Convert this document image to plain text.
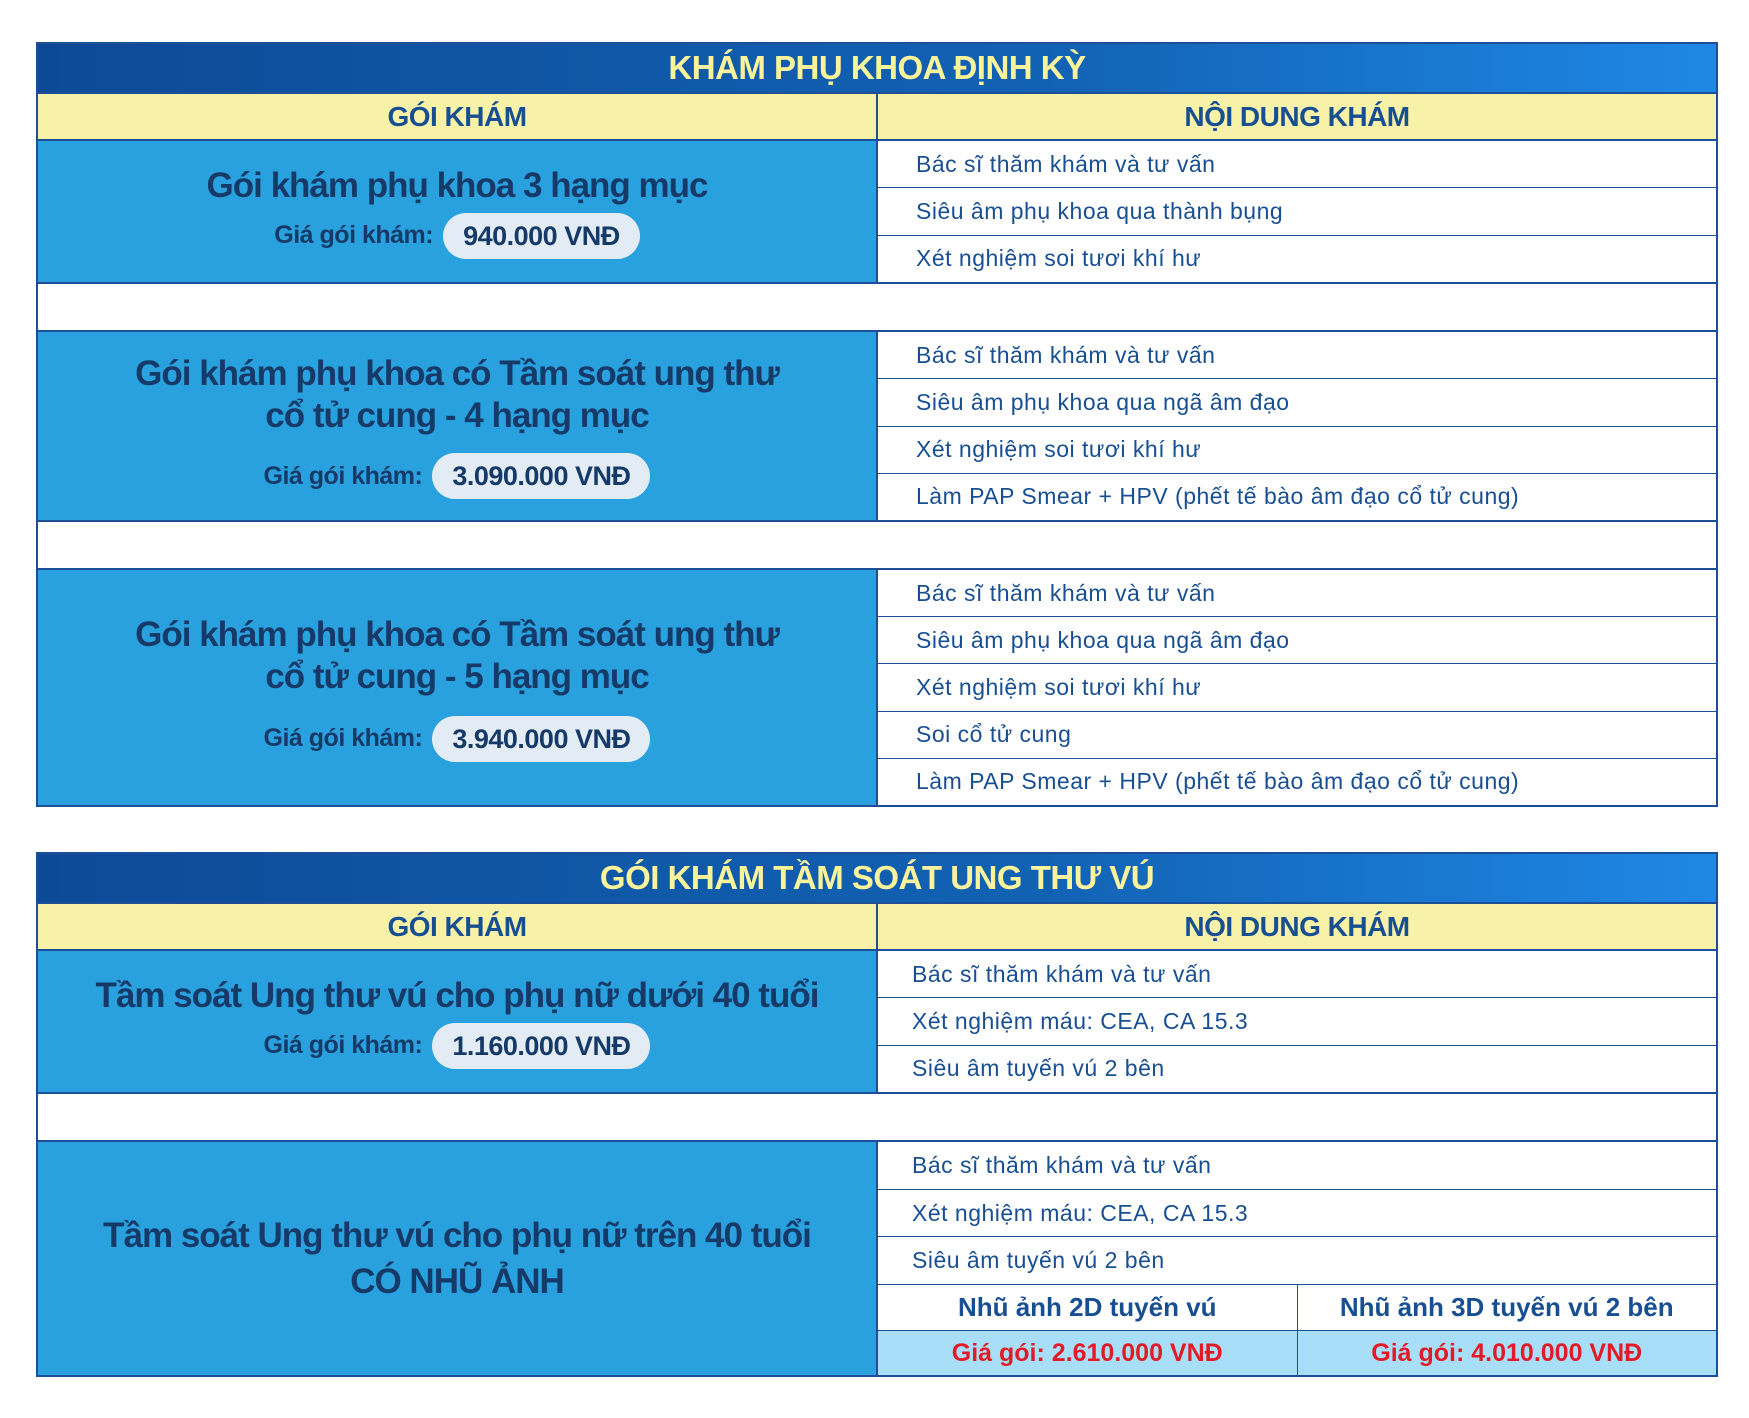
KHÁM PHỤ KHOA ĐỊNH KỲ
GÓI KHÁM	NỘI DUNG KHÁM
Gói khám phụ khoa 3 hạng mục
Giá gói khám:	940.000 VNĐ
Bác sĩ thăm khám và tư vấn
Siêu âm phụ khoa qua thành bụng
Xét nghiệm soi tươi khí hư
Gói khám phụ khoa có Tầm soát ung thư
cổ tử cung - 4 hạng mục
Giá gói khám:	3.090.000 VNĐ
Bác sĩ thăm khám và tư vấn
Siêu âm phụ khoa qua ngã âm đạo
Xét nghiệm soi tươi khí hư
Làm PAP Smear + HPV (phết tế bào âm đạo cổ tử cung)
Gói khám phụ khoa có Tầm soát ung thư
cổ tử cung - 5 hạng mục
Giá gói khám:	3.940.000 VNĐ
Bác sĩ thăm khám và tư vấn
Siêu âm phụ khoa qua ngã âm đạo
Xét nghiệm soi tươi khí hư
Soi cổ tử cung
Làm PAP Smear + HPV (phết tế bào âm đạo cổ tử cung)
GÓI KHÁM TẦM SOÁT UNG THƯ VÚ
GÓI KHÁM	NỘI DUNG KHÁM
Tầm soát Ung thư vú cho phụ nữ dưới 40 tuổi
Giá gói khám:	1.160.000 VNĐ
Bác sĩ thăm khám và tư vấn
Xét nghiệm máu: CEA, CA 15.3
Siêu âm tuyến vú 2 bên
Tầm soát Ung thư vú cho phụ nữ trên 40 tuổi
CÓ NHŨ ẢNH
Bác sĩ thăm khám và tư vấn
Xét nghiệm máu: CEA, CA 15.3
Siêu âm tuyến vú 2 bên
Nhũ ảnh 2D tuyến vú
Giá gói: 2.610.000 VNĐ
Nhũ ảnh 3D tuyến vú 2 bên
Giá gói: 4.010.000 VNĐ
